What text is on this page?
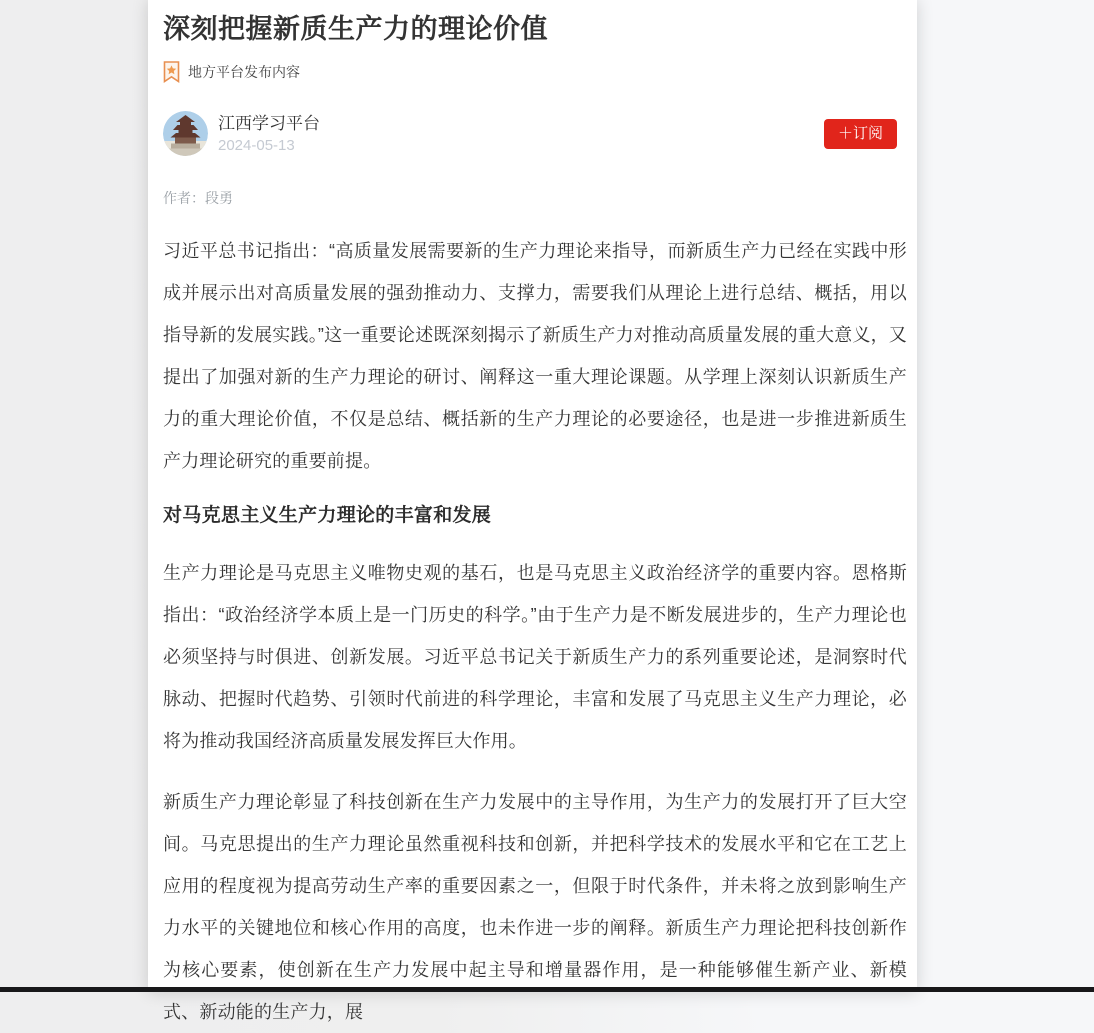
深刻把握新质生产力的理论价值
地方平台发布内容
江西学习平台
2024-05-13
＋订阅
作者：段勇

习近平总书记指出：“高质量发展需要新的生产力理论来指导，而新质生产力已经在实践中形成并展示出对高质量发展的强劲推动力、支撑力，需要我们从理论上进行总结、概括，用以指导新的发展实践。”这一重要论述既深刻揭示了新质生产力对推动高质量发展的重大意义，又提出了加强对新的生产力理论的研讨、阐释这一重大理论课题。从学理上深刻认识新质生产力的重大理论价值，不仅是总结、概括新的生产力理论的必要途径，也是进一步推进新质生产力理论研究的重要前提。

对马克思主义生产力理论的丰富和发展

生产力理论是马克思主义唯物史观的基石，也是马克思主义政治经济学的重要内容。恩格斯指出：“政治经济学本质上是一门历史的科学。”由于生产力是不断发展进步的，生产力理论也必须坚持与时俱进、创新发展。习近平总书记关于新质生产力的系列重要论述，是洞察时代脉动、把握时代趋势、引领时代前进的科学理论，丰富和发展了马克思主义生产力理论，必将为推动我国经济高质量发展发挥巨大作用。

新质生产力理论彰显了科技创新在生产力发展中的主导作用，为生产力的发展打开了巨大空间。马克思提出的生产力理论虽然重视科技和创新，并把科学技术的发展水平和它在工艺上应用的程度视为提高劳动生产率的重要因素之一，但限于时代条件，并未将之放到影响生产力水平的关键地位和核心作用的高度，也未作进一步的阐释。新质生产力理论把科技创新作为核心要素，使创新在生产力发展中起主导和增量器作用，是一种能够催生新产业、新模式、新动能的生产力，展
